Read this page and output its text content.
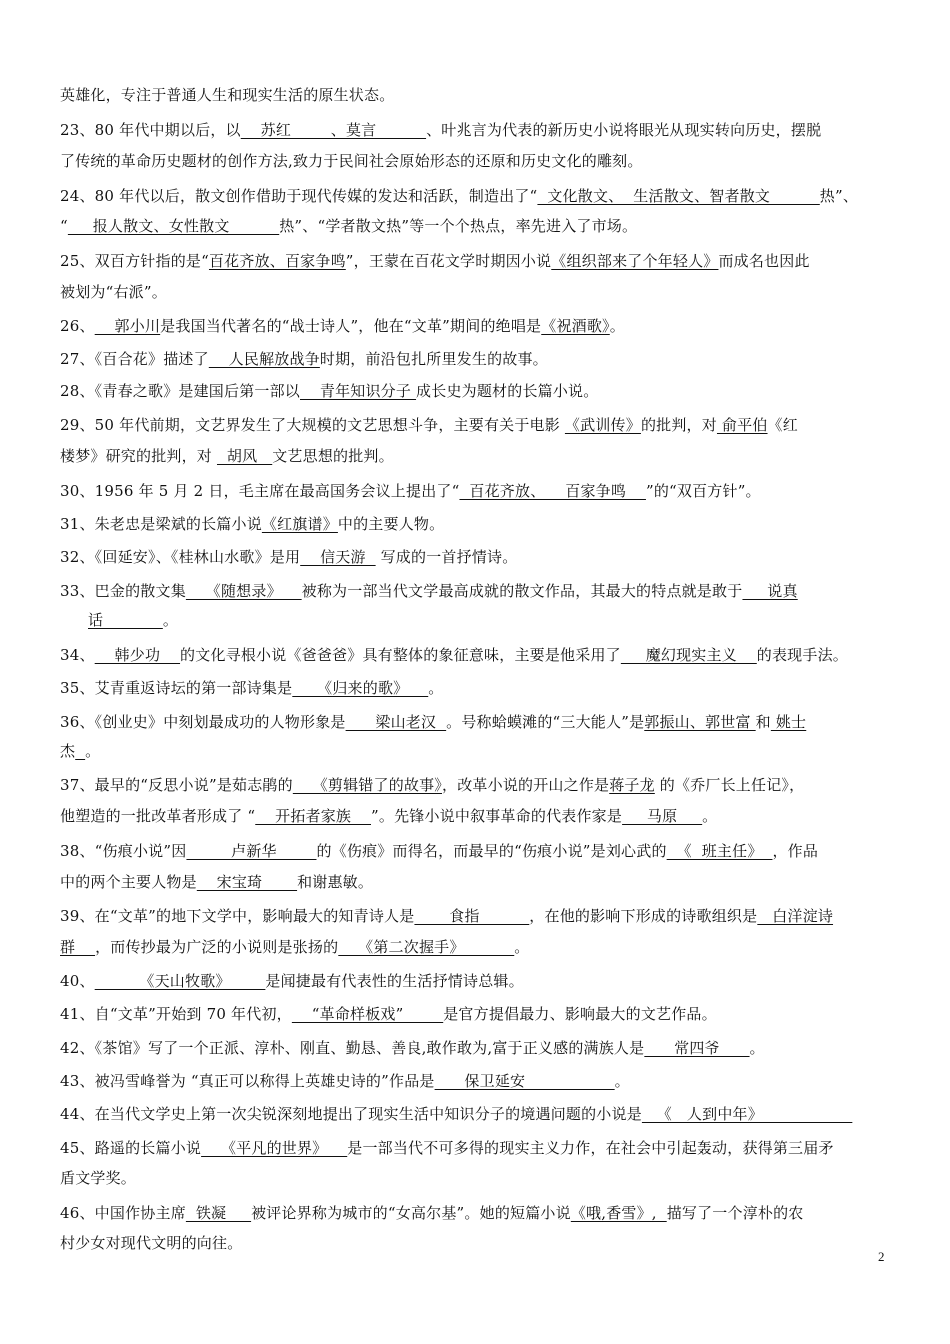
英雄化，专注于普通人生和现实生活的原生状态。
23、80 年代中期以后，以    苏红        、莫言          、叶兆言为代表的新历史小说将眼光从现实转向历史，摆脱
了传统的革命历史题材的创作方法,致力于民间社会原始形态的还原和历史文化的雕刻。
24、80 年代以后，散文创作借助于现代传媒的发达和活跃，制造出了“  文化散文、  生活散文、智者散文          热”、
“     报人散文、女性散文          热”、“学者散文热”等一个个热点，率先进入了市场。
25、双百方针指的是“百花齐放、百家争鸣”，王蒙在百花文学时期因小说《组织部来了个年轻人》而成名也因此
被划为“右派”。
26、    郭小川是我国当代著名的“战士诗人”，他在“文革”期间的绝唱是《祝酒歌》。
27、《百合花》描述了    人民解放战争时期，前沿包扎所里发生的故事。
28、《青春之歌》是建国后第一部以    青年知识分子 成长史为题材的长篇小说。
29、50 年代前期，文艺界发生了大规模的文艺思想斗争，主要有关于电影 《武训传》的批判，对 俞平伯《红
楼梦》研究的批判，对   胡风   文艺思想的批判。
30、1956 年 5 月 2 日，毛主席在最高国务会议上提出了“  百花齐放、    百家争鸣    ”的“双百方针”。
31、朱老忠是梁斌的长篇小说《红旗谱》中的主要人物。
32、《回延安》、《桂林山水歌》是用    信天游   写成的一首抒情诗。
33、巴金的散文集    《随想录》    被称为一部当代文学最高成就的散文作品，其最大的特点就是敢于     说真
话            。
34、    韩少功    的文化寻根小说《爸爸爸》具有整体的象征意味，主要是他采用了     魔幻现实主义    的表现手法。
35、艾青重返诗坛的第一部诗集是     《归来的歌》    。
36、《创业史》中刻划最成功的人物形象是      梁山老汉  。号称蛤蟆滩的“三大能人”是郭振山、郭世富 和 姚士
杰 。
37、最早的“反思小说”是茹志鹃的    《剪辑错了的故事》，改革小说的开山之作是蒋子龙 的《乔厂长上任记》，
他塑造的一批改革者形成了 “    开拓者家族    ”。先锋小说中叙事革命的代表作家是     马原     。
38、“伤痕小说”因         卢新华        的《伤痕》而得名，而最早的“伤痕小说”是刘心武的  《  班主任》  ，作品
中的两个主要人物是    宋宝琦       和谢惠敏。
39、在“文革”的地下文学中，影响最大的知青诗人是       食指          ，在他的影响下形成的诗歌组织是   白洋淀诗
群    ，而传抄最为广泛的小说则是张扬的    《第二次握手》          。
40、         《天山牧歌》       是闻捷最有代表性的生活抒情诗总辑。
41、自“文革”开始到 70 年代初，    “革命样板戏”        是官方提倡最力、影响最大的文艺作品。
42、《茶馆》写了一个正派、淳朴、刚直、勤恳、善良,敢作敢为,富于正义感的满族人是      常四爷      。
43、被冯雪峰誉为 “真正可以称得上英雄史诗的”作品是      保卫延安                  。
44、在当代文学史上第一次尖锐深刻地提出了现实生活中知识分子的境遇问题的小说是   《   人到中年》
45、路遥的长篇小说    《平凡的世界》    是一部当代不可多得的现实主义力作，在社会中引起轰动，获得第三届矛
盾文学奖。
46、中国作协主席  铁凝     被评论界称为城市的“女高尔基”。她的短篇小说《哦,香雪》,  描写了一个淳朴的农
村少女对现代文明的向往。
2
